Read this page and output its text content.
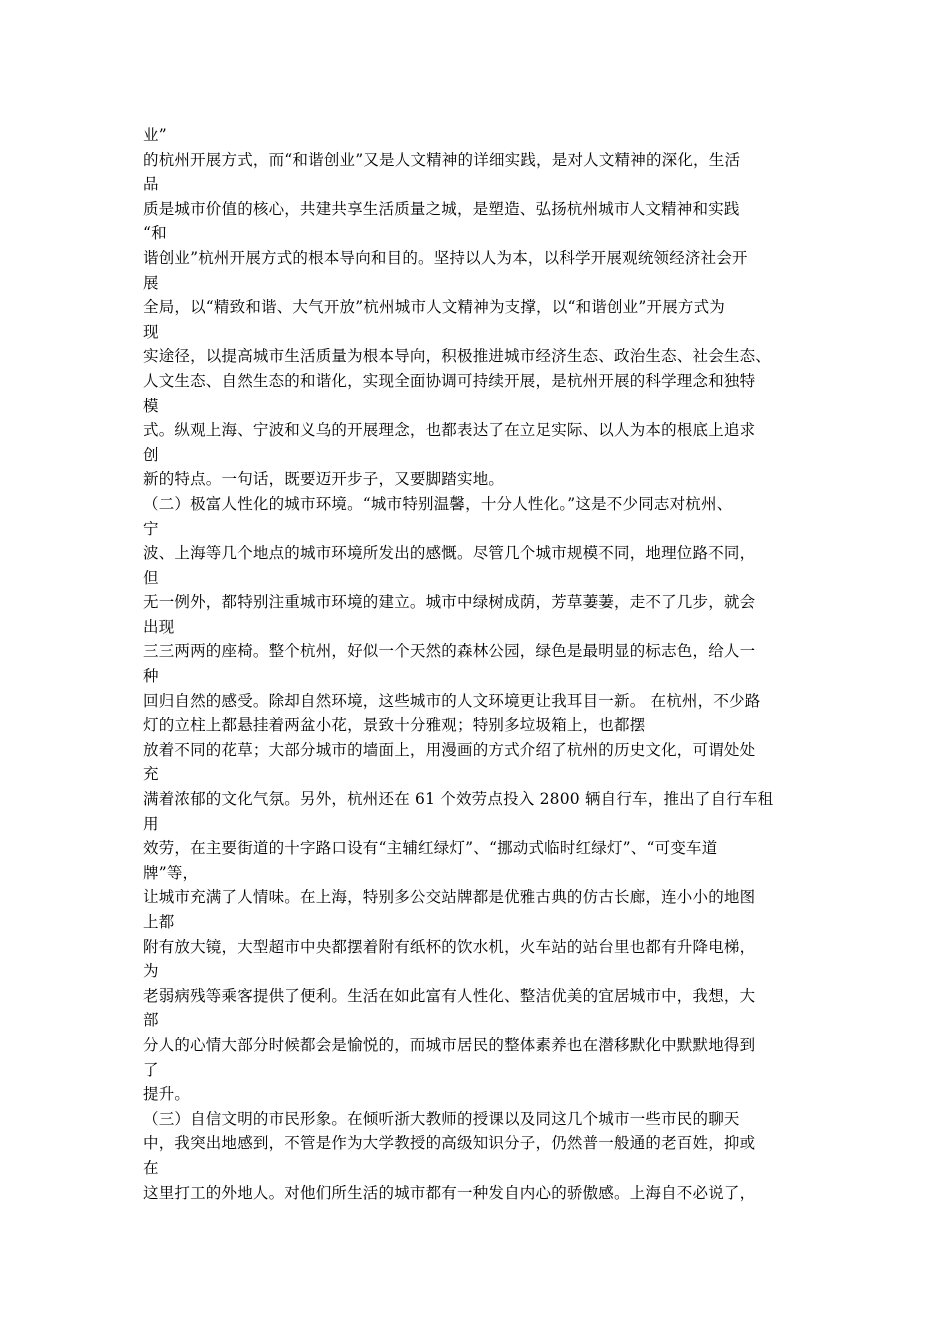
业”
的杭州开展方式，而“和谐创业”又是人文精神的详细实践，是对人文精神的深化，生活
品
质是城市价值的核心，共建共享生活质量之城，是塑造、弘扬杭州城市人文精神和实践
“和
谐创业”杭州开展方式的根本导向和目的。坚持以人为本，以科学开展观统领经济社会开
展
全局，以“精致和谐、大气开放”杭州城市人文精神为支撑，以“和谐创业”开展方式为
现
实途径，以提高城市生活质量为根本导向，积极推进城市经济生态、政治生态、社会生态、
人文生态、自然生态的和谐化，实现全面协调可持续开展，是杭州开展的科学理念和独特
模
式。纵观上海、宁波和义乌的开展理念，也都表达了在立足实际、以人为本的根底上追求
创
新的特点。一句话，既要迈开步子，又要脚踏实地。
（二）极富人性化的城市环境。“城市特别温馨，十分人性化。”这是不少同志对杭州、
宁
波、上海等几个地点的城市环境所发出的感慨。尽管几个城市规模不同，地理位路不同，
但
无一例外，都特别注重城市环境的建立。城市中绿树成荫，芳草萋萋，走不了几步，就会
出现
三三两两的座椅。整个杭州，好似一个天然的森林公园，绿色是最明显的标志色，给人一
种
回归自然的感受。除却自然环境，这些城市的人文环境更让我耳目一新。 在杭州，不少路
灯的立柱上都悬挂着两盆小花，景致十分雅观；特别多垃圾箱上，也都摆
放着不同的花草；大部分城市的墙面上，用漫画的方式介绍了杭州的历史文化，可谓处处
充
满着浓郁的文化气氛。另外，杭州还在 61 个效劳点投入 2800 辆自行车，推出了自行车租
用
效劳，在主要街道的十字路口设有“主辅红绿灯”、“挪动式临时红绿灯”、“可变车道
牌”等，
让城市充满了人情味。在上海，特别多公交站牌都是优雅古典的仿古长廊，连小小的地图
上都
附有放大镜，大型超市中央都摆着附有纸杯的饮水机，火车站的站台里也都有升降电梯，
为
老弱病残等乘客提供了便利。生活在如此富有人性化、整洁优美的宜居城市中，我想，大
部
分人的心情大部分时候都会是愉悦的，而城市居民的整体素养也在潜移默化中默默地得到
了
提升。
（三）自信文明的市民形象。在倾听浙大教师的授课以及同这几个城市一些市民的聊天
中，我突出地感到，不管是作为大学教授的高级知识分子，仍然普一般通的老百姓，抑或
在
这里打工的外地人。对他们所生活的城市都有一种发自内心的骄傲感。上海自不必说了，
